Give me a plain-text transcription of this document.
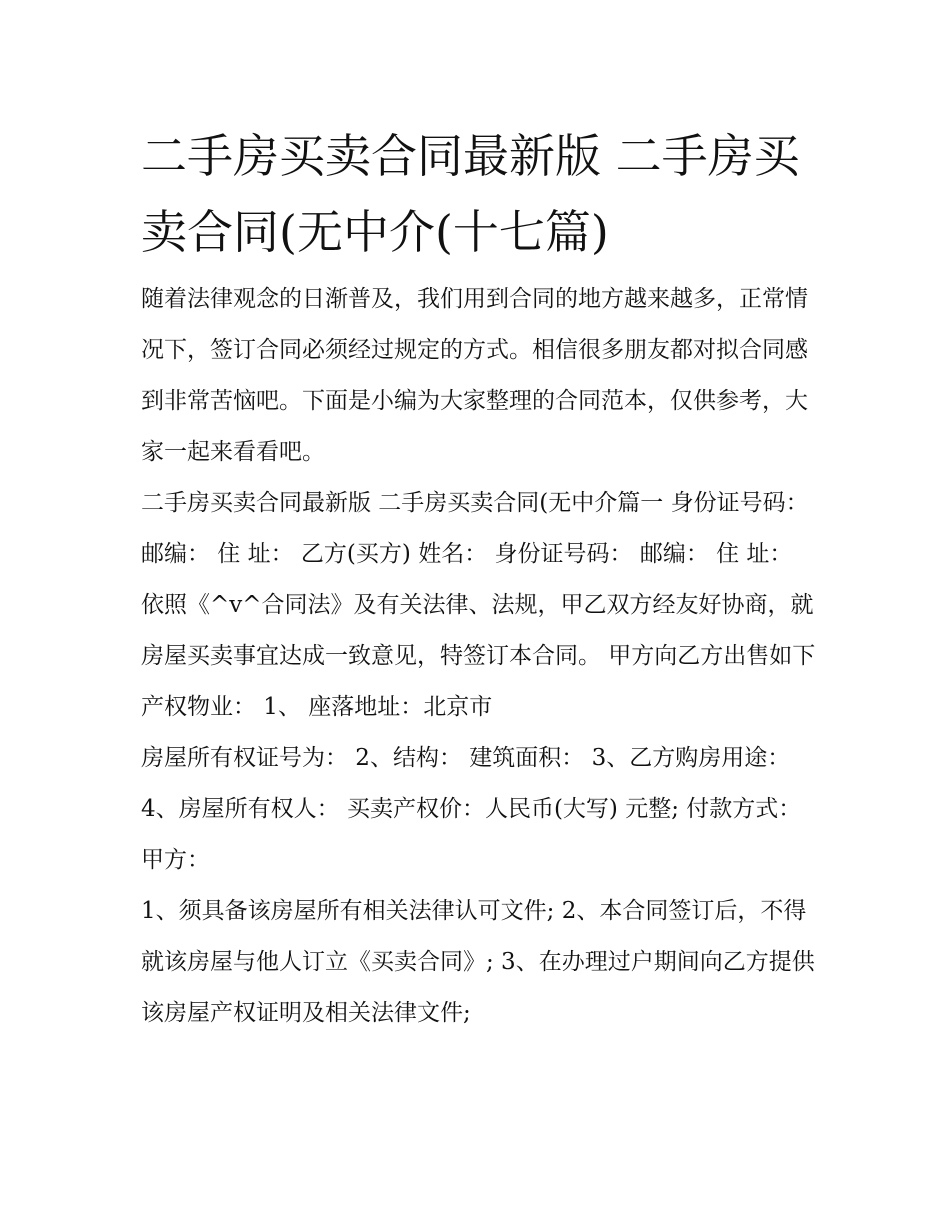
二手房买卖合同最新版 二手房买卖合同(无中介(十七篇)

随着法律观念的日渐普及，我们用到合同的地方越来越多，正常情况下，签订合同必须经过规定的方式。相信很多朋友都对拟合同感到非常苦恼吧。下面是小编为大家整理的合同范本，仅供参考，大家一起来看看吧。

二手房买卖合同最新版 二手房买卖合同(无中介篇一 身份证号码： 邮编： 住 址： 乙方(买方) 姓名： 身份证号码： 邮编： 住 址：

依照《^v^合同法》及有关法律、法规，甲乙双方经友好协商，就房屋买卖事宜达成一致意见，特签订本合同。 甲方向乙方出售如下产权物业： 1、 座落地址：北京市

房屋所有权证号为： 2、结构： 建筑面积： 3、乙方购房用途： 4、房屋所有权人： 买卖产权价：人民币(大写) 元整; 付款方式： 甲方：

1、须具备该房屋所有相关法律认可文件; 2、本合同签订后，不得就该房屋与他人订立《买卖合同》; 3、在办理过户期间向乙方提供该房屋产权证明及相关法律文件;
